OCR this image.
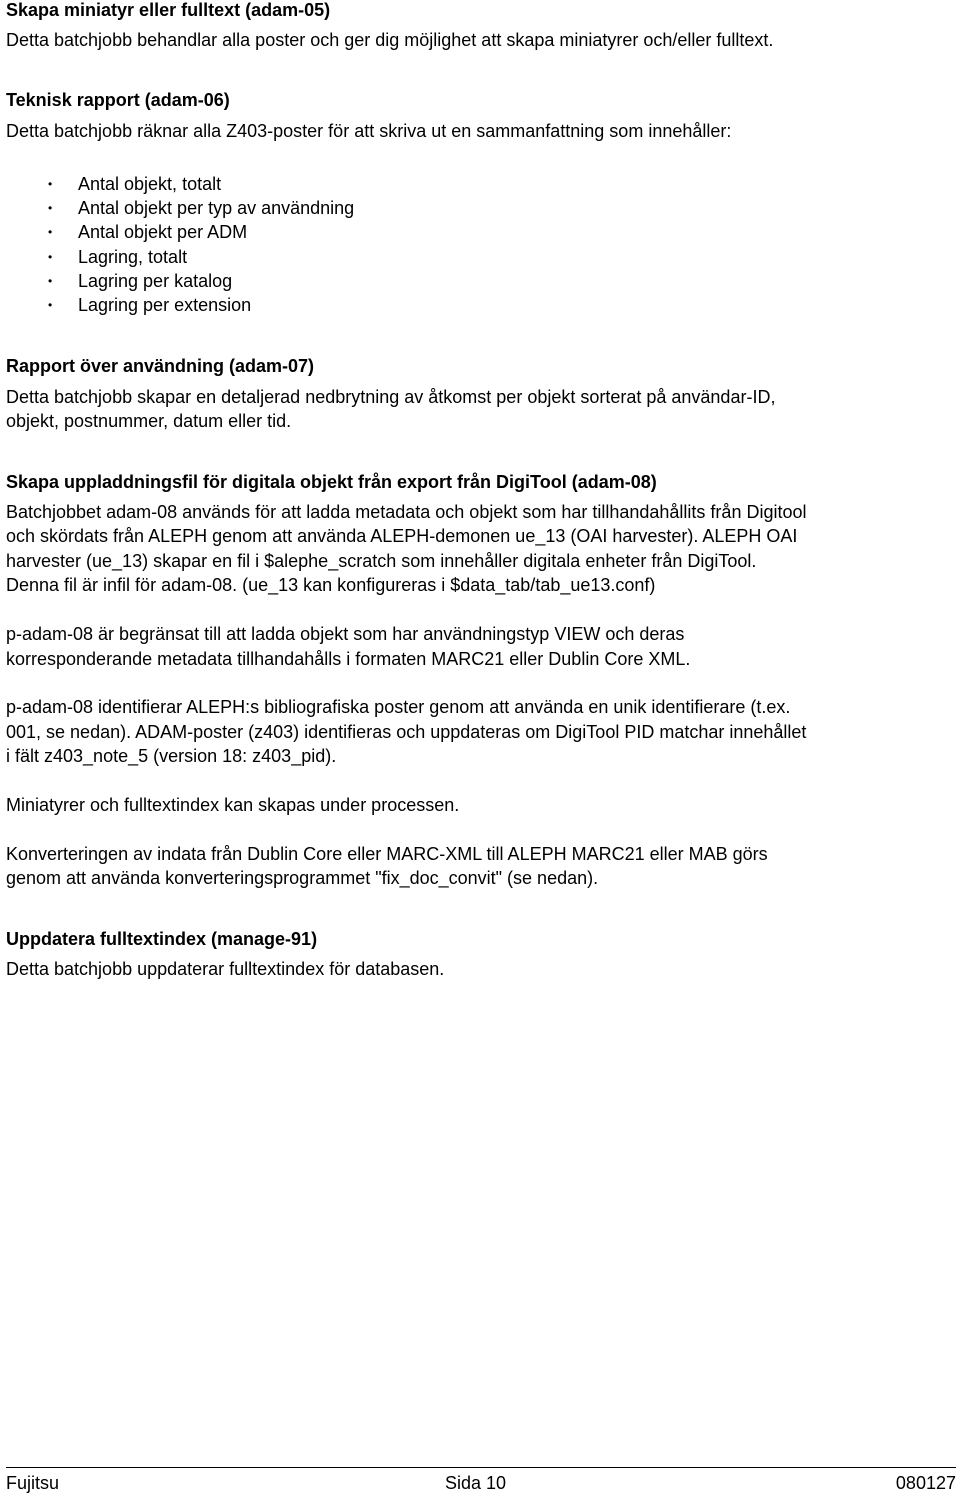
Skapa miniatyr eller fulltext (adam-05)
Detta batchjobb behandlar alla poster och ger dig möjlighet att skapa miniatyrer och/eller fulltext.
Teknisk rapport (adam-06)
Detta batchjobb räknar alla Z403-poster för att skriva ut en sammanfattning som innehåller:
• Antal objekt, totalt
• Antal objekt per typ av användning
• Antal objekt per ADM
• Lagring, totalt
• Lagring per katalog
• Lagring per extension
Rapport över användning (adam-07)
Detta batchjobb skapar en detaljerad nedbrytning av åtkomst per objekt sorterat på användar-ID,
objekt, postnummer, datum eller tid.
Skapa uppladdningsfil för digitala objekt från export från DigiTool (adam-08)
Batchjobbet adam-08 används för att ladda metadata och objekt som har tillhandahållits från Digitool
och skördats från ALEPH genom att använda ALEPH-demonen ue_13 (OAI harvester). ALEPH OAI
harvester (ue_13) skapar en fil i $alephe_scratch som innehåller digitala enheter från DigiTool.
Denna fil är infil för adam-08. (ue_13 kan konfigureras i $data_tab/tab_ue13.conf)
p-adam-08 är begränsat till att ladda objekt som har användningstyp VIEW och deras
korresponderande metadata tillhandahålls i formaten MARC21 eller Dublin Core XML.
p-adam-08 identifierar ALEPH:s bibliografiska poster genom att använda en unik identifierare (t.ex.
001, se nedan). ADAM-poster (z403) identifieras och uppdateras om DigiTool PID matchar innehållet
i fält z403_note_5 (version 18: z403_pid).
Miniatyrer och fulltextindex kan skapas under processen.
Konverteringen av indata från Dublin Core eller MARC-XML till ALEPH MARC21 eller MAB görs
genom att använda konverteringsprogrammet "fix_doc_convit" (se nedan).
Uppdatera fulltextindex (manage-91)
Detta batchjobb uppdaterar fulltextindex för databasen.
Fujitsu	Sida 10	080127
